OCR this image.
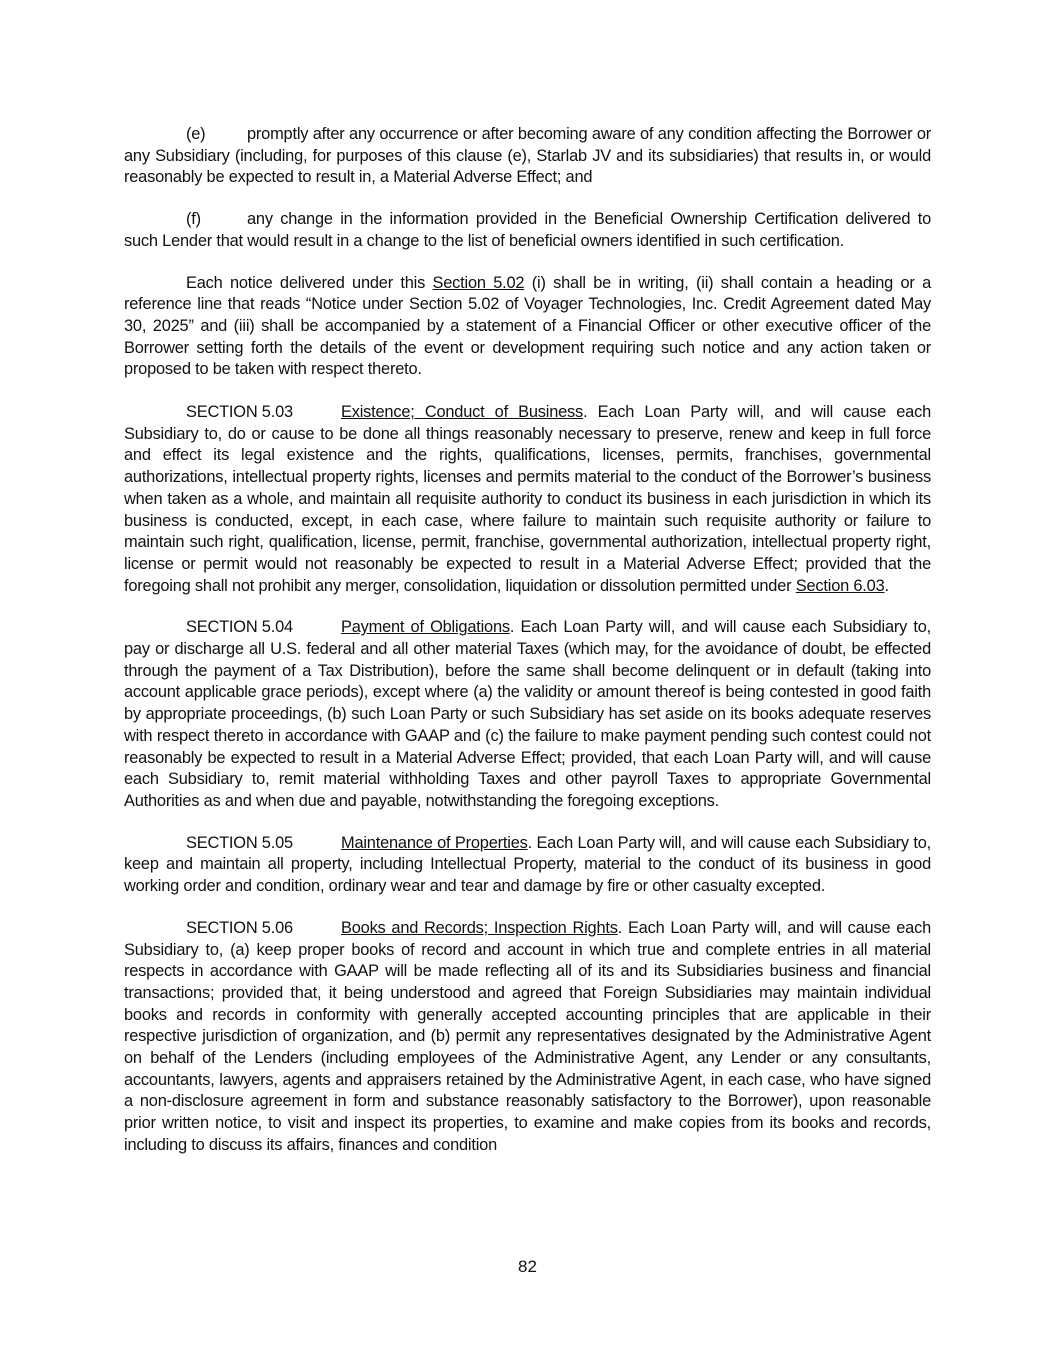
(e)	promptly after any occurrence or after becoming aware of any condition affecting the Borrower or any Subsidiary (including, for purposes of this clause (e), Starlab JV and its subsidiaries) that results in, or would reasonably be expected to result in, a Material Adverse Effect; and

(f)	any change in the information provided in the Beneficial Ownership Certification delivered to such Lender that would result in a change to the list of beneficial owners identified in such certification.

Each notice delivered under this Section 5.02 (i) shall be in writing, (ii) shall contain a heading or a reference line that reads “Notice under Section 5.02 of Voyager Technologies, Inc. Credit Agreement dated May 30, 2025” and (iii) shall be accompanied by a statement of a Financial Officer or other executive officer of the Borrower setting forth the details of the event or development requiring such notice and any action taken or proposed to be taken with respect thereto.

SECTION 5.03	Existence; Conduct of Business. Each Loan Party will, and will cause each Subsidiary to, do or cause to be done all things reasonably necessary to preserve, renew and keep in full force and effect its legal existence and the rights, qualifications, licenses, permits, franchises, governmental authorizations, intellectual property rights, licenses and permits material to the conduct of the Borrower’s business when taken as a whole, and maintain all requisite authority to conduct its business in each jurisdiction in which its business is conducted, except, in each case, where failure to maintain such requisite authority or failure to maintain such right, qualification, license, permit, franchise, governmental authorization, intellectual property right, license or permit would not reasonably be expected to result in a Material Adverse Effect; provided that the foregoing shall not prohibit any merger, consolidation, liquidation or dissolution permitted under Section 6.03.

SECTION 5.04	Payment of Obligations. Each Loan Party will, and will cause each Subsidiary to, pay or discharge all U.S. federal and all other material Taxes (which may, for the avoidance of doubt, be effected through the payment of a Tax Distribution), before the same shall become delinquent or in default (taking into account applicable grace periods), except where (a) the validity or amount thereof is being contested in good faith by appropriate proceedings, (b) such Loan Party or such Subsidiary has set aside on its books adequate reserves with respect thereto in accordance with GAAP and (c) the failure to make payment pending such contest could not reasonably be expected to result in a Material Adverse Effect; provided, that each Loan Party will, and will cause each Subsidiary to, remit material withholding Taxes and other payroll Taxes to appropriate Governmental Authorities as and when due and payable, notwithstanding the foregoing exceptions.

SECTION 5.05	Maintenance of Properties. Each Loan Party will, and will cause each Subsidiary to, keep and maintain all property, including Intellectual Property, material to the conduct of its business in good working order and condition, ordinary wear and tear and damage by fire or other casualty excepted.

SECTION 5.06	Books and Records; Inspection Rights. Each Loan Party will, and will cause each Subsidiary to, (a) keep proper books of record and account in which true and complete entries in all material respects in accordance with GAAP will be made reflecting all of its and its Subsidiaries business and financial transactions; provided that, it being understood and agreed that Foreign Subsidiaries may maintain individual books and records in conformity with generally accepted accounting principles that are applicable in their respective jurisdiction of organization, and (b) permit any representatives designated by the Administrative Agent on behalf of the Lenders (including employees of the Administrative Agent, any Lender or any consultants, accountants, lawyers, agents and appraisers retained by the Administrative Agent, in each case, who have signed a non-disclosure agreement in form and substance reasonably satisfactory to the Borrower), upon reasonable prior written notice, to visit and inspect its properties, to examine and make copies from its books and records, including to discuss its affairs, finances and condition

82
